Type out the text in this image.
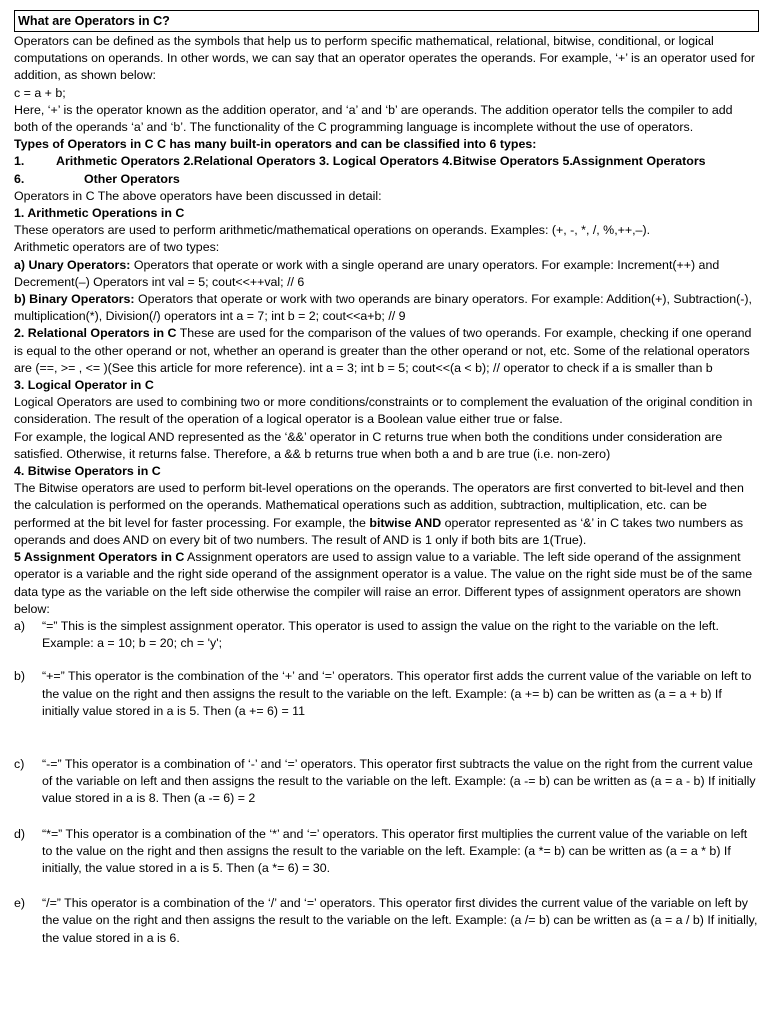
What are Operators in C?

Operators can be defined as the symbols that help us to perform specific mathematical, relational, bitwise, conditional, or logical computations on operands. In other words, we can say that an operator operates the operands. For example, ‘+’ is an operator used for addition, as shown below:

c = a + b;

Here, ‘+’ is the operator known as the addition operator, and ‘a’ and ‘b’ are operands. The addition operator tells the compiler to add both of the operands ‘a’ and ‘b’. The functionality of the C programming language is incomplete without the use of operators.

Types of Operators in C C has many built-in operators and can be classified into 6 types:

1.	Arithmetic Operators 2.Relational Operators 3. Logical Operators 4. Bitwise Operators 5. Assignment Operators
6.	Other Operators

Operators in C The above operators have been discussed in detail:

1. Arithmetic Operations in C

These operators are used to perform arithmetic/mathematical operations on operands. Examples: (+, -, *, /, %,++,–).

Arithmetic operators are of two types:

a) Unary Operators: Operators that operate or work with a single operand are unary operators. For example: Increment(++) and Decrement(–) Operators int val = 5; cout<<++val; // 6

b) Binary Operators: Operators that operate or work with two operands are binary operators. For example: Addition(+), Subtraction(-), multiplication(*), Division(/) operators int a = 7; int b = 2; cout<<a+b; // 9

2. Relational Operators in C These are used for the comparison of the values of two operands. For example, checking if one operand is equal to the other operand or not, whether an operand is greater than the other operand or not, etc. Some of the relational operators are (==, >= , <= )(See this article for more reference). int a = 3; int b = 5; cout<<(a < b); // operator to check if a is smaller than b

3. Logical Operator in C

Logical Operators are used to combining two or more conditions/constraints or to complement the evaluation of the original condition in consideration. The result of the operation of a logical operator is a Boolean value either true or false.

For example, the logical AND represented as the ‘&&’ operator in C returns true when both the conditions under consideration are satisfied. Otherwise, it returns false. Therefore, a && b returns true when both a and b are true (i.e. non-zero)

4. Bitwise Operators in C

The Bitwise operators are used to perform bit-level operations on the operands. The operators are first converted to bit-level and then the calculation is performed on the operands. Mathematical operations such as addition, subtraction, multiplication, etc. can be performed at the bit level for faster processing. For example, the bitwise AND operator represented as ‘&’ in C takes two numbers as operands and does AND on every bit of two numbers. The result of AND is 1 only if both bits are 1(True).

5 Assignment Operators in C Assignment operators are used to assign value to a variable. The left side operand of the assignment operator is a variable and the right side operand of the assignment operator is a value. The value on the right side must be of the same data type as the variable on the left side otherwise the compiler will raise an error. Different types of assignment operators are shown below:

a)	“=” This is the simplest assignment operator. This operator is used to assign the value on the right to the variable on the left. Example: a = 10; b = 20; ch = 'y';
b)	“+=” This operator is the combination of the ‘+’ and ‘=’ operators. This operator first adds the current value of the variable on left to the value on the right and then assigns the result to the variable on the left. Example: (a += b) can be written as (a = a + b) If initially value stored in a is 5. Then (a += 6) = 11
c)	“-=” This operator is a combination of ‘-’ and ‘=’ operators. This operator first subtracts the value on the right from the current value of the variable on left and then assigns the result to the variable on the left. Example: (a -= b) can be written as (a = a - b) If initially value stored in a is 8. Then (a -= 6) = 2
d)	“*=” This operator is a combination of the ‘*’ and ‘=’ operators. This operator first multiplies the current value of the variable on left to the value on the right and then assigns the result to the variable on the left. Example: (a *= b) can be written as (a = a * b) If initially, the value stored in a is 5. Then (a *= 6) = 30.
e)	“/=” This operator is a combination of the ‘/’ and ‘=’ operators. This operator first divides the current value of the variable on left by the value on the right and then assigns the result to the variable on the left. Example: (a /= b) can be written as (a = a / b) If initially, the value stored in a is 6.
